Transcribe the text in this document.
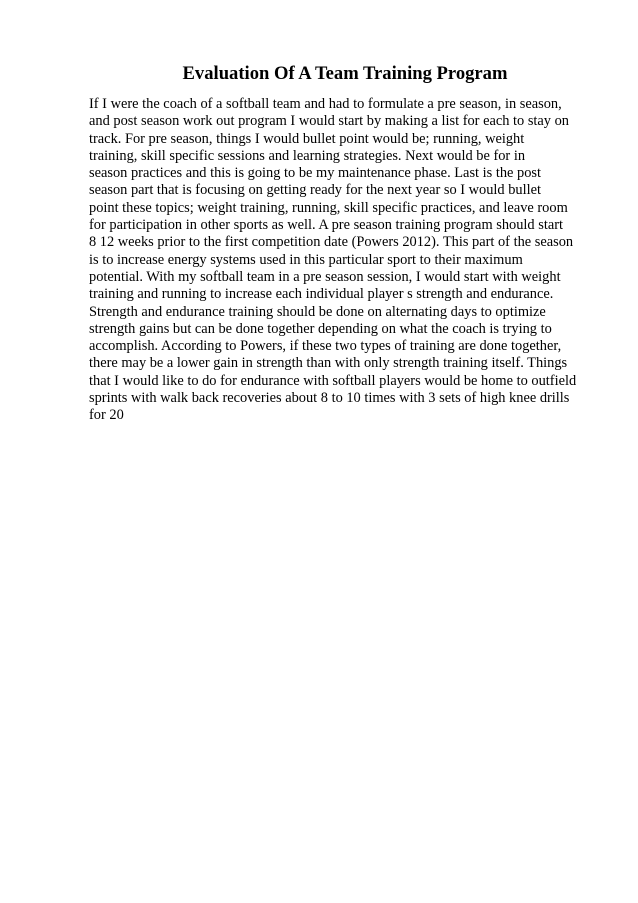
Evaluation Of A Team Training Program
If I were the coach of a softball team and had to formulate a pre season, in season,
and post season work out program I would start by making a list for each to stay on
track. For pre season, things I would bullet point would be; running, weight
training, skill specific sessions and learning strategies. Next would be for in
season practices and this is going to be my maintenance phase. Last is the post
season part that is focusing on getting ready for the next year so I would bullet
point these topics; weight training, running, skill specific practices, and leave room
for participation in other sports as well. A pre season training program should start
8 12 weeks prior to the first competition date (Powers 2012). This part of the season
is to increase energy systems used in this particular sport to their maximum
potential. With my softball team in a pre season session, I would start with weight
training and running to increase each individual player s strength and endurance.
Strength and endurance training should be done on alternating days to optimize
strength gains but can be done together depending on what the coach is trying to
accomplish. According to Powers, if these two types of training are done together,
there may be a lower gain in strength than with only strength training itself. Things
that I would like to do for endurance with softball players would be home to outfield
sprints with walk back recoveries about 8 to 10 times with 3 sets of high knee drills
for 20
